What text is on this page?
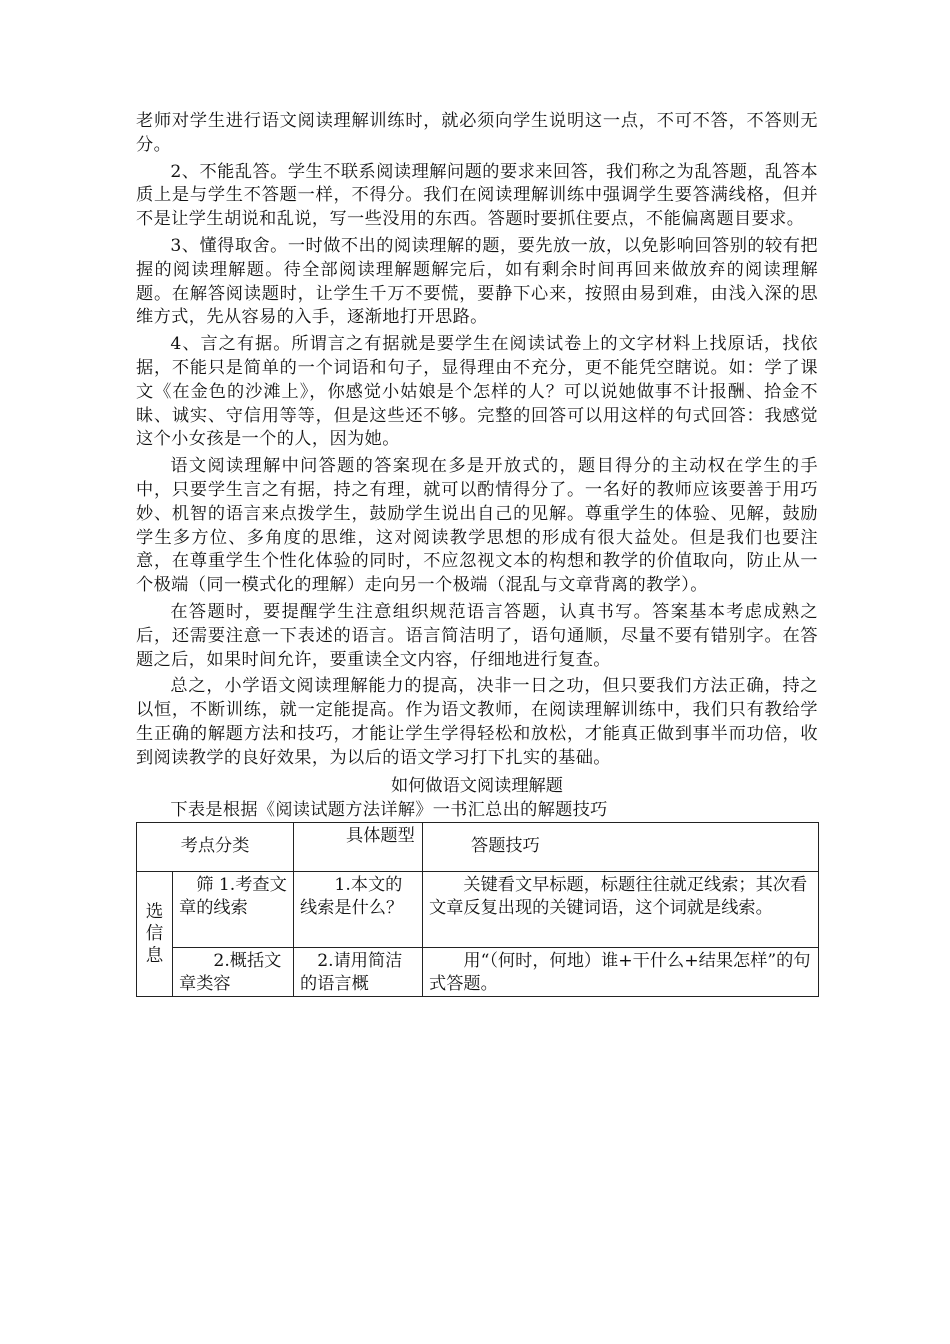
老师对学生进行语文阅读理解训练时，就必须向学生说明这一点，不可不答，不答则无分。

2、不能乱答。学生不联系阅读理解问题的要求来回答，我们称之为乱答题，乱答本质上是与学生不答题一样，不得分。我们在阅读理解训练中强调学生要答满线格，但并不是让学生胡说和乱说，写一些没用的东西。答题时要抓住要点，不能偏离题目要求。

3、懂得取舍。一时做不出的阅读理解的题，要先放一放，以免影响回答别的较有把握的阅读理解题。待全部阅读理解题解完后，如有剩余时间再回来做放弃的阅读理解题。在解答阅读题时，让学生千万不要慌，要静下心来，按照由易到难，由浅入深的思维方式，先从容易的入手，逐渐地打开思路。

4、言之有据。所谓言之有据就是要学生在阅读试卷上的文字材料上找原话，找依据，不能只是简单的一个词语和句子，显得理由不充分，更不能凭空瞎说。如：学了课文《在金色的沙滩上》，你感觉小姑娘是个怎样的人？可以说她做事不计报酬、拾金不昧、诚实、守信用等等，但是这些还不够。完整的回答可以用这样的句式回答：我感觉这个小女孩是一个的人，因为她。

语文阅读理解中问答题的答案现在多是开放式的，题目得分的主动权在学生的手中，只要学生言之有据，持之有理，就可以酌情得分了。一名好的教师应该要善于用巧妙、机智的语言来点拨学生，鼓励学生说出自己的见解。尊重学生的体验、见解，鼓励学生多方位、多角度的思维，这对阅读教学思想的形成有很大益处。但是我们也要注意，在尊重学生个性化体验的同时，不应忽视文本的构想和教学的价值取向，防止从一个极端（同一模式化的理解）走向另一个极端（混乱与文章背离的教学）。

在答题时，要提醒学生注意组织规范语言答题，认真书写。答案基本考虑成熟之后，还需要注意一下表述的语言。语言简洁明了，语句通顺，尽量不要有错别字。在答题之后，如果时间允许，要重读全文内容，仔细地进行复查。

总之，小学语文阅读理解能力的提高，决非一日之功，但只要我们方法正确，持之以恒，不断训练，就一定能提高。作为语文教师，在阅读理解训练中，我们只有教给学生正确的解题方法和技巧，才能让学生学得轻松和放松，才能真正做到事半而功倍，收到阅读教学的良好效果，为以后的语文学习打下扎实的基础。

如何做语文阅读理解题

下表是根据《阅读试题方法详解》一书汇总出的解题技巧

考点分类		具体题型	答题技巧

选
信
息	筛 1.考查文章的线索	1.本文的线索是什么？	关键看文早标题，标题往往就疋线索；其次看文章反复出现的关键词语，这个词就是线索。

	2.概括文章类容	2.请用简洁的语言概	用“（何时，何地）谁+干什么+结果怎样”的句式答题。
